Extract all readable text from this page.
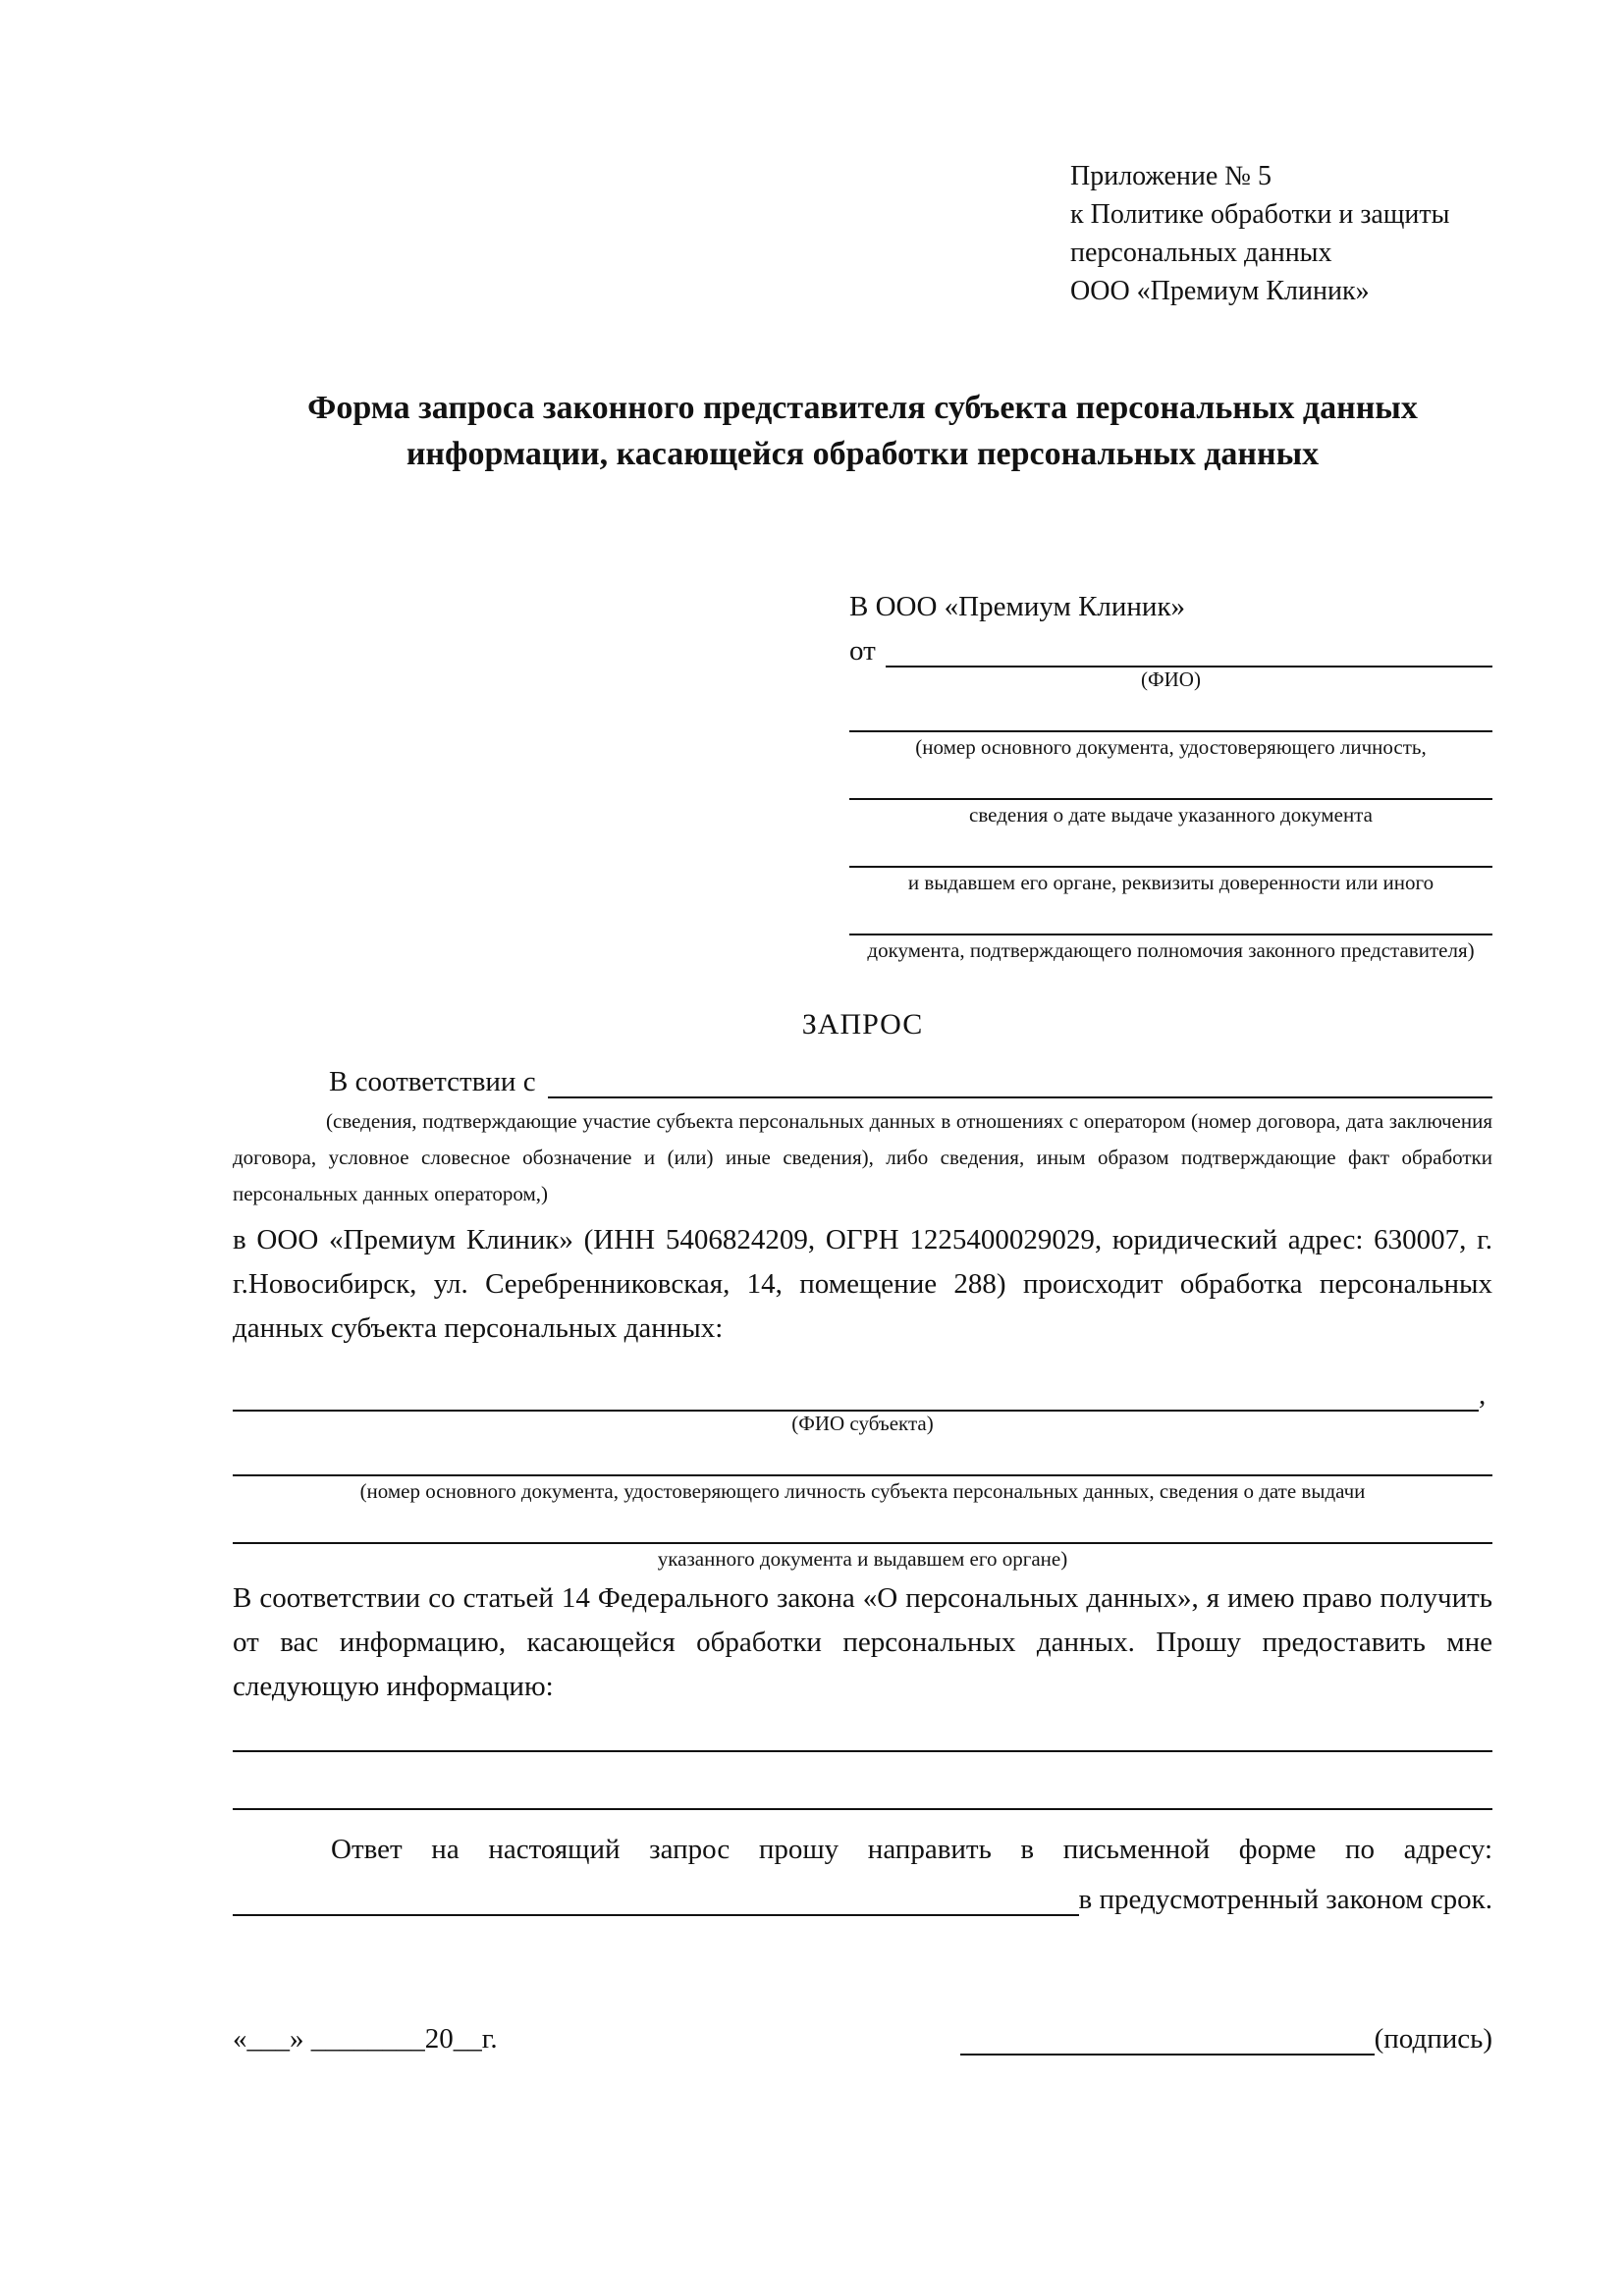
Приложение № 5
к Политике обработки и защиты
персональных данных
ООО «Премиум Клиник»
Форма запроса законного представителя субъекта персональных данных информации, касающейся обработки персональных данных
В ООО «Премиум Клиник»
от
(ФИО)
(номер основного документа, удостоверяющего личность,
сведения о дате выдаче указанного документа
и выдавшем его органе, реквизиты доверенности или иного
документа, подтверждающего полномочия законного представителя)
ЗАПРОС
В соответствии с
(сведения, подтверждающие участие субъекта персональных данных в отношениях с оператором (номер договора, дата заключения договора, условное словесное обозначение и (или) иные сведения), либо сведения, иным образом подтверждающие факт обработки персональных данных оператором,)
в ООО «Премиум Клиник» (ИНН 5406824209, ОГРН 1225400029029, юридический адрес: 630007, г. г.Новосибирск, ул. Серебренниковская, 14, помещение 288) происходит обработка персональных данных субъекта персональных данных:
,
(ФИО субъекта)
(номер основного документа, удостоверяющего личность субъекта персональных данных, сведения о дате выдачи
указанного документа и выдавшем его органе)
В соответствии со статьей 14 Федерального закона «О персональных данных», я имею право получить от вас информацию, касающейся обработки персональных данных. Прошу предоставить мне следующую информацию:
Ответ на настоящий запрос прошу направить в письменной форме по адресу:
в предусмотренный законом срок.
«___» ________20__г.	(подпись)
